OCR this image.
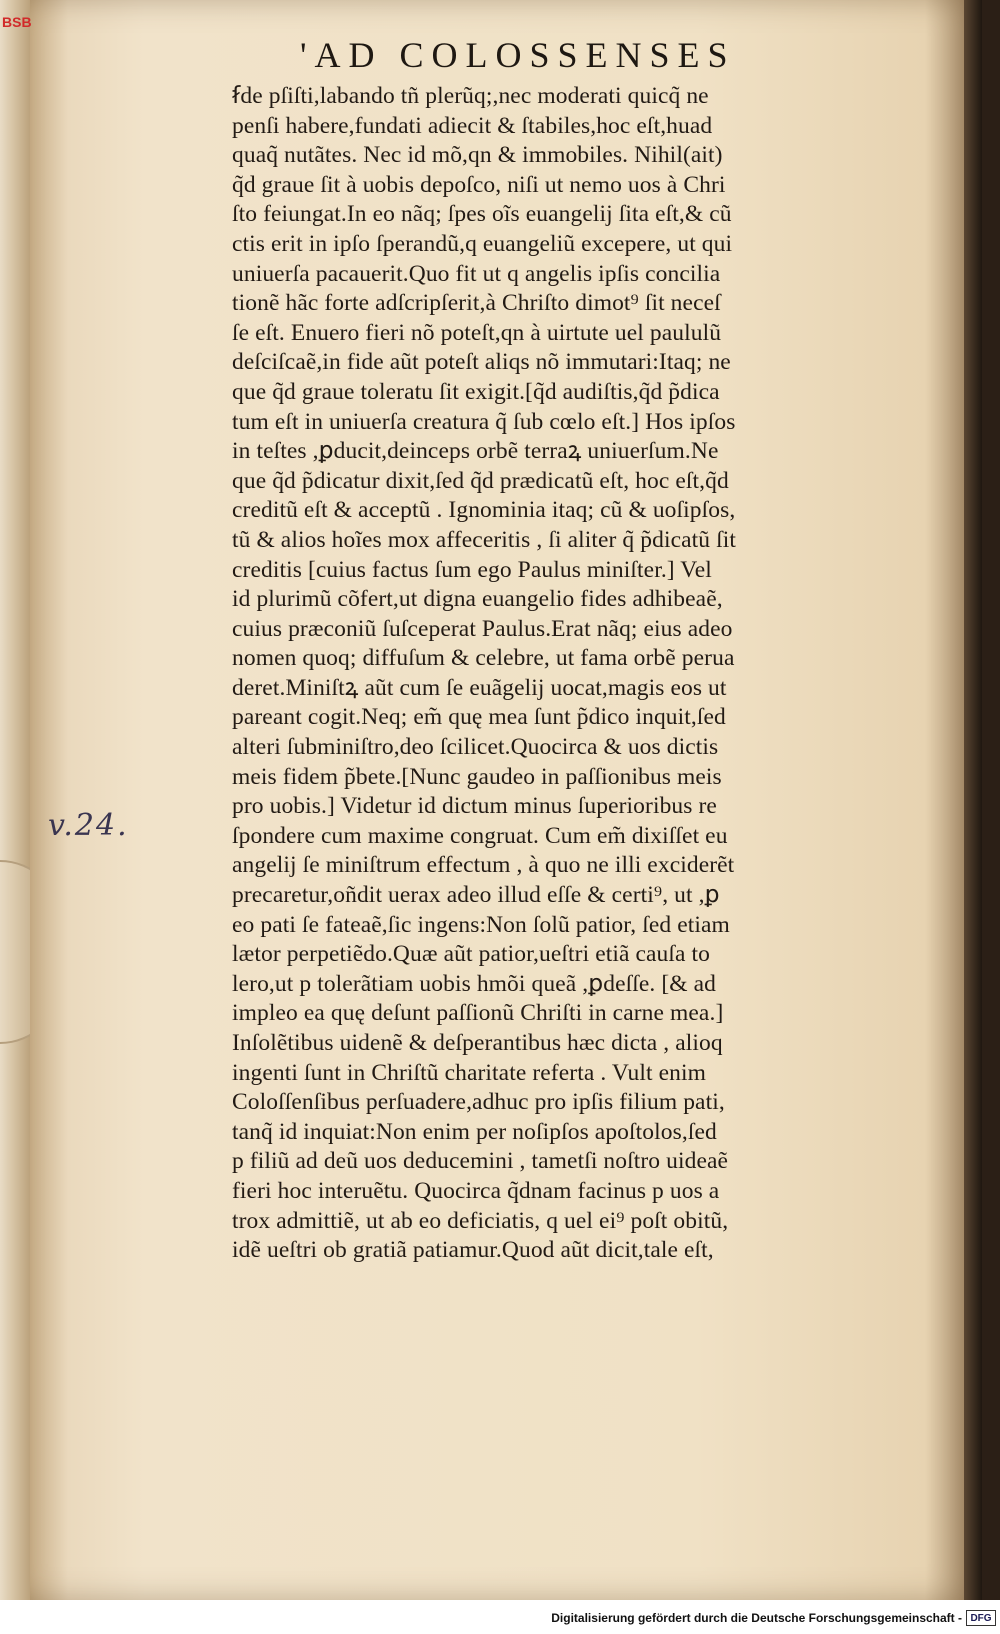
BSB
'AD COLOSSENSES
ẜde pſiſti,labando tñ plerũq;,nec moderati quicq̃ ne
penſi habere,fundati adiecit & ſtabiles,hoc eſt,huad
quaq̃ nutãtes. Nec id mõ,qn & immobiles. Nihil(ait)
q̃d graue ſit à uobis depoſco, niſi ut nemo uos à Chri
ſto feiungat.In eo nãq; ſpes oĩs euangelij ſita eſt,& cũ
ctis erit in ipſo ſperandũ,q euangeliũ excepere, ut qui
uniuerſa pacauerit.Quo fit ut q angelis ipſis concilia
tionẽ hãc forte adſcripſerit,à Chriſto dimot⁹ ſit neceſ
ſe eſt. Enuero fieri nõ poteſt,qn à uirtute uel paululũ
deſciſcaẽ,in fide aũt poteſt aliqs nõ immutari:Itaq; ne
que q̃d graue toleratu ſit exigit.[q̃d audiſtis,q̃d p̃dica
tum eſt in uniuerſa creatura q̃ ſub cœlo eſt.] Hos ipſos
in teſtes ,ꝑducit,deinceps orbẽ terraꝝ uniuerſum.Ne
que q̃d p̃dicatur dixit,ſed q̃d prædicatũ eſt, hoc eſt,q̃d
creditũ eſt & acceptũ . Ignominia itaq; cũ & uoſipſos,
tũ & alios hoĩes mox affeceritis , ſi aliter q̃ p̃dicatũ ſit
creditis [cuius factus ſum ego Paulus miniſter.] Vel
id plurimũ cõfert,ut digna euangelio fides adhibeaẽ,
cuius præconiũ ſuſceperat Paulus.Erat nãq; eius adeo
nomen quoq; diffuſum & celebre, ut fama orbẽ perua
deret.Miniſtꝝ aũt cum ſe euãgelij uocat,magis eos ut
pareant cogit.Neq; em̃ quę mea ſunt p̃dico inquit,ſed
alteri ſubminiſtro,deo ſcilicet.Quocirca & uos dictis
meis fidem p̃bete.[Nunc gaudeo in paſſionibus meis
pro uobis.] Videtur id dictum minus ſuperioribus re
ſpondere cum maxime congruat. Cum em̃ dixiſſet eu
angelij ſe miniſtrum effectum , à quo ne illi exciderẽt
precaretur,oñdit uerax adeo illud eſſe & certi⁹, ut ,ꝑ
eo pati ſe fateaẽ,ſic ingens:Non ſolũ patior, ſed etiam
lætor perpetiẽdo.Quæ aũt patior,ueſtri etiã cauſa to
lero,ut p tolerãtiam uobis hmõi queã ,ꝑdeſſe. [& ad
impleo ea quę deſunt paſſionũ Chriſti in carne mea.]
Inſolẽtibus uidenẽ & deſperantibus hæc dicta , alioq
ingenti ſunt in Chriſtũ charitate referta . Vult enim
Coloſſenſibus perſuadere,adhuc pro ipſis filium pati,
tanq̃ id inquiat:Non enim per noſipſos apoſtolos,ſed
p filiũ ad deũ uos deducemini , tametſi noſtro uideaẽ
fieri hoc interuẽtu. Quocirca q̃dnam facinus p uos a
trox admittiẽ, ut ab eo deficiatis, q uel ei⁹ poſt obitũ,
idẽ ueſtri ob gratiã patiamur.Quod aũt dicit,tale eſt,
v.24.
Digitalisierung gefördert durch die Deutsche Forschungsgemeinschaft - DFG
